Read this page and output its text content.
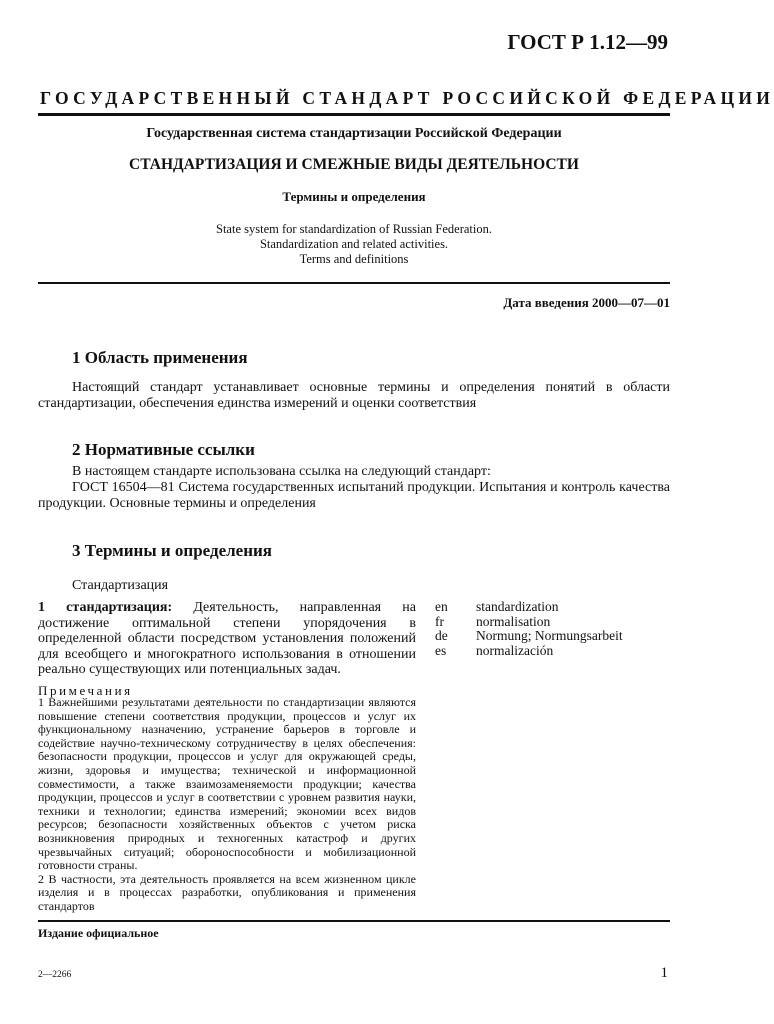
ГОСТ Р 1.12—99
ГОСУДАРСТВЕННЫЙ СТАНДАРТ РОССИЙСКОЙ ФЕДЕРАЦИИ
Государственная система стандартизации Российской Федерации
СТАНДАРТИЗАЦИЯ И СМЕЖНЫЕ ВИДЫ ДЕЯТЕЛЬНОСТИ
Термины и определения
State system for standardization of Russian Federation.
Standardization and related activities.
Terms and definitions
Дата введения 2000—07—01
1 Область применения

Настоящий стандарт устанавливает основные термины и определения понятий в области стандартизации, обеспечения единства измерений и оценки соответствия

2 Нормативные ссылки

В настоящем стандарте использована ссылка на следующий стандарт:

ГОСТ 16504—81 Система государственных испытаний продукции. Испытания и контроль качества продукции. Основные термины и определения

3 Термины и определения
Стандартизация
1 стандартизация: Деятельность, направленная на достижение оптимальной степени упорядочения в определенной области посредством установления положений для всеобщего и многократного использования в отношении реально существующих или потенциальных задач.
en
fr
de
es
standardization
normalisation
Normung; Normungsarbeit
normalización
Примечания

1 Важнейшими результатами деятельности по стандартизации являются повышение степени соответствия продукции, процессов и услуг их функциональному назначению, устранение барьеров в торговле и содействие научно-техническому сотрудничеству в целях обеспечения: безопасности продукции, процессов и услуг для окружающей среды, жизни, здоровья и имущества; технической и информационной совместимости, а также взаимозаменяемости продукции; качества продукции, процессов и услуг в соответствии с уровнем развития науки, техники и технологии; единства измерений; экономии всех видов ресурсов; безопасности хозяйственных объектов с учетом риска возникновения природных и техногенных катастроф и других чрезвычайных ситуаций; обороноспособности и мобилизационной готовности страны.

2 В частности, эта деятельность проявляется на всем жизненном цикле изделия и в процессах разработки, опубликования и применения стандартов

Издание официальное
2—2266	1
